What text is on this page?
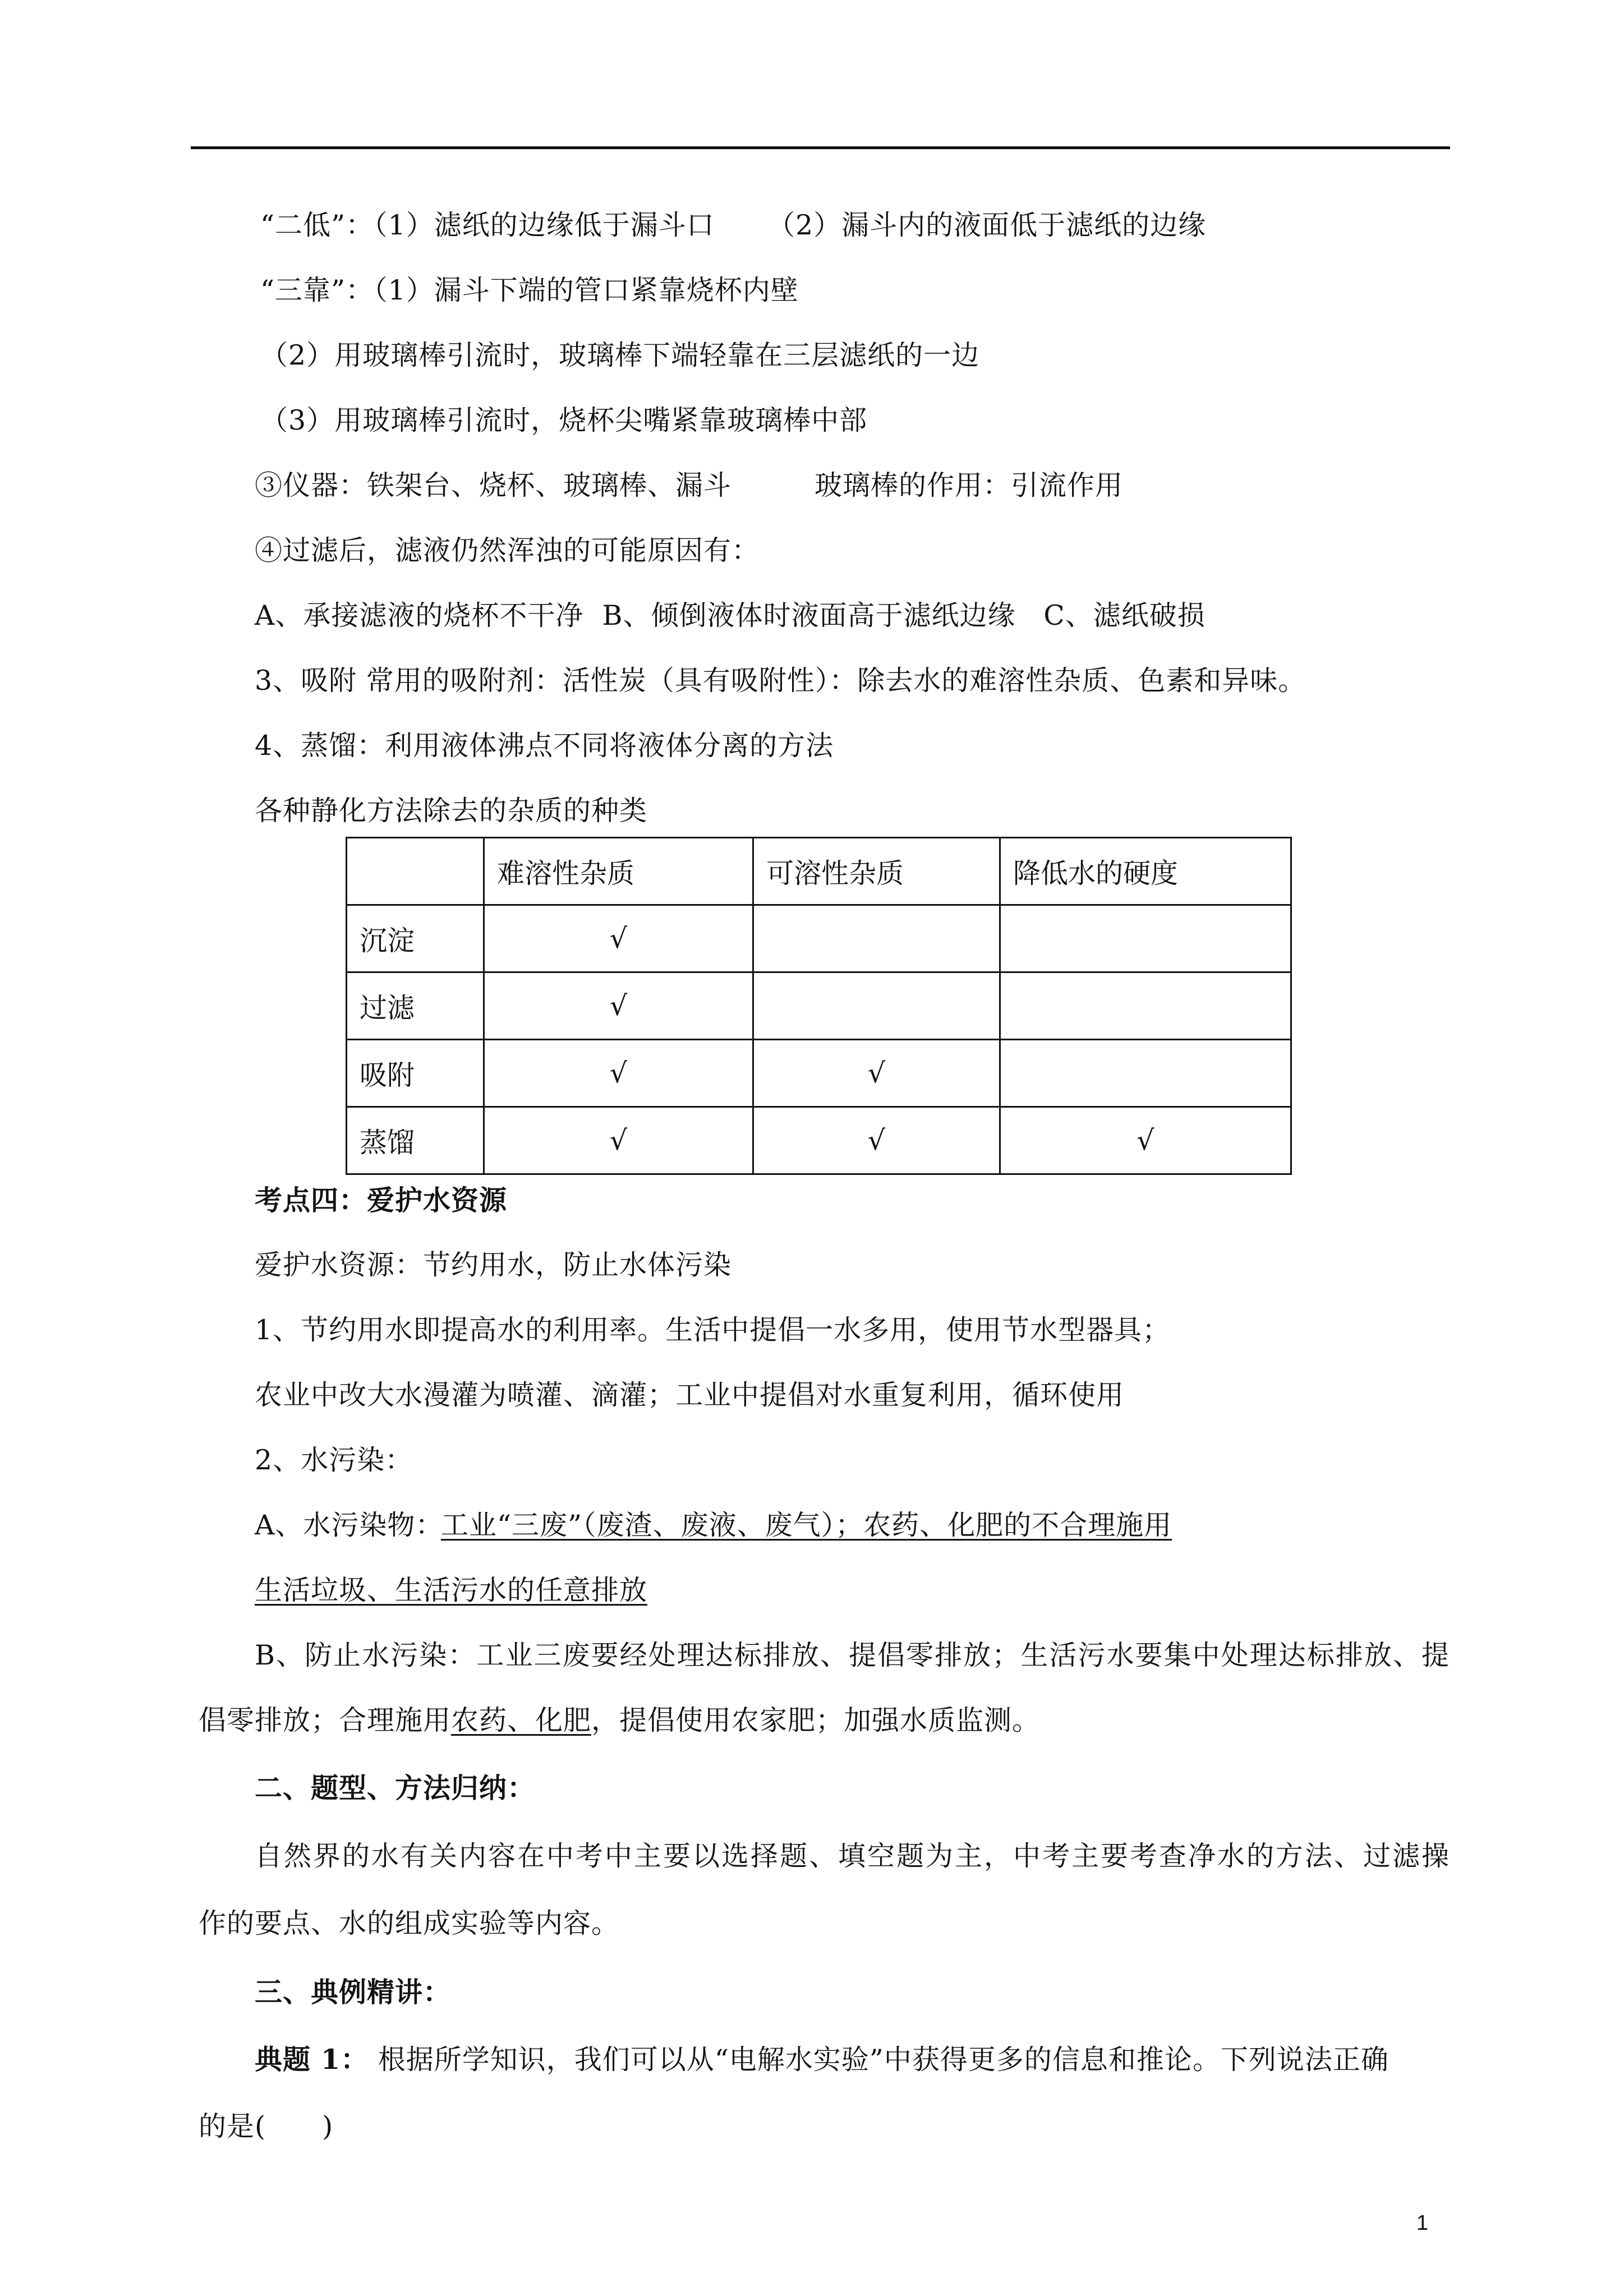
“二低”：（1）滤纸的边缘低于漏斗口 （2）漏斗内的液面低于滤纸的边缘
“三靠”：（1）漏斗下端的管口紧靠烧杯内壁
（2）用玻璃棒引流时，玻璃棒下端轻靠在三层滤纸的一边
（3）用玻璃棒引流时，烧杯尖嘴紧靠玻璃棒中部
③仪器：铁架台、烧杯、玻璃棒、漏斗	玻璃棒的作用：引流作用
④过滤后，滤液仍然浑浊的可能原因有：
A、承接滤液的烧杯不干净  B、倾倒液体时液面高于滤纸边缘   C、滤纸破损
3、吸附 常用的吸附剂：活性炭（具有吸附性）：除去水的难溶性杂质、色素和异味。
4、蒸馏：利用液体沸点不同将液体分离的方法
各种静化方法除去的杂质的种类
	难溶性杂质	可溶性杂质	降低水的硬度
沉淀	√		
过滤	√		
吸附	√	√	
蒸馏	√	√	√
考点四：爱护水资源
爱护水资源：节约用水，防止水体污染
1、节约用水即提高水的利用率。生活中提倡一水多用，使用节水型器具；
农业中改大水漫灌为喷灌、滴灌；工业中提倡对水重复利用，循环使用
2、水污染：
A、水污染物：
工业“三废”（废渣、废液、废气）；农药、化肥的不合理施用
生活垃圾、生活污水的任意排放
B、防止水污染：工业三废要经处理达标排放、提倡零排放；生活污水要集中处理达标排放、提
倡零排放；合理施用农药、化肥，提倡使用农家肥；加强水质监测。
二、题型、方法归纳：
自然界的水有关内容在中考中主要以选择题、填空题为主，中考主要考查净水的方法、过滤操
作的要点、水的组成实验等内容。
三、典例精讲：
典题 1： 根据所学知识，我们可以从“电解水实验”中获得更多的信息和推论。下列说法正确
的是(　　)
1
